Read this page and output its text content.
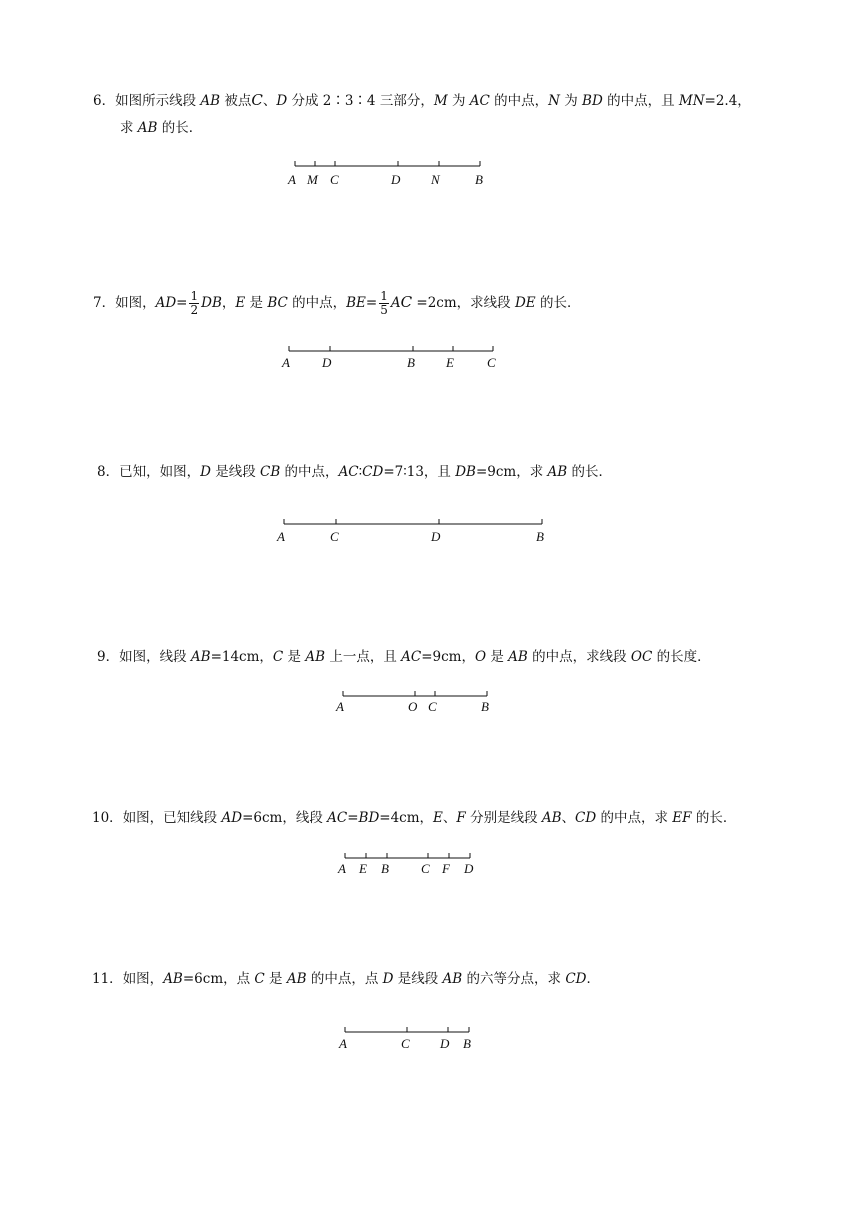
6．如图所示线段 AB 被点C、D 分成 2∶3∶4 三部分，M 为 AC 的中点，N 为 BD 的中点，且 MN=2.4，
求 AB 的长．
A M C	D N	B
7．如图，$AD= \frac{1}{2}$ DB，E 是 BC 的中点，$BE= \frac{1}{5}$ AC =2cm，求线段 DE 的长．
A D	B E	C
8．已知，如图，D 是线段 CB 的中点，AC∶CD=7∶13，且 DB=9cm，求 AB 的长．
A	C	D	B
9．如图，线段 AB=14cm，C 是 AB 上一点，且 AC=9cm，O 是 AB 的中点，求线段 OC 的长度．
A	O C	B
10．如图，已知线段 AD=6cm，线段 AC=BD=4cm，E、F 分别是线段 AB、CD 的中点，求 EF 的长．
A E B C F D
11．如图，AB=6cm，点 C 是 AB 的中点，点 D 是线段 AB 的六等分点，求 CD．
A	C D B
